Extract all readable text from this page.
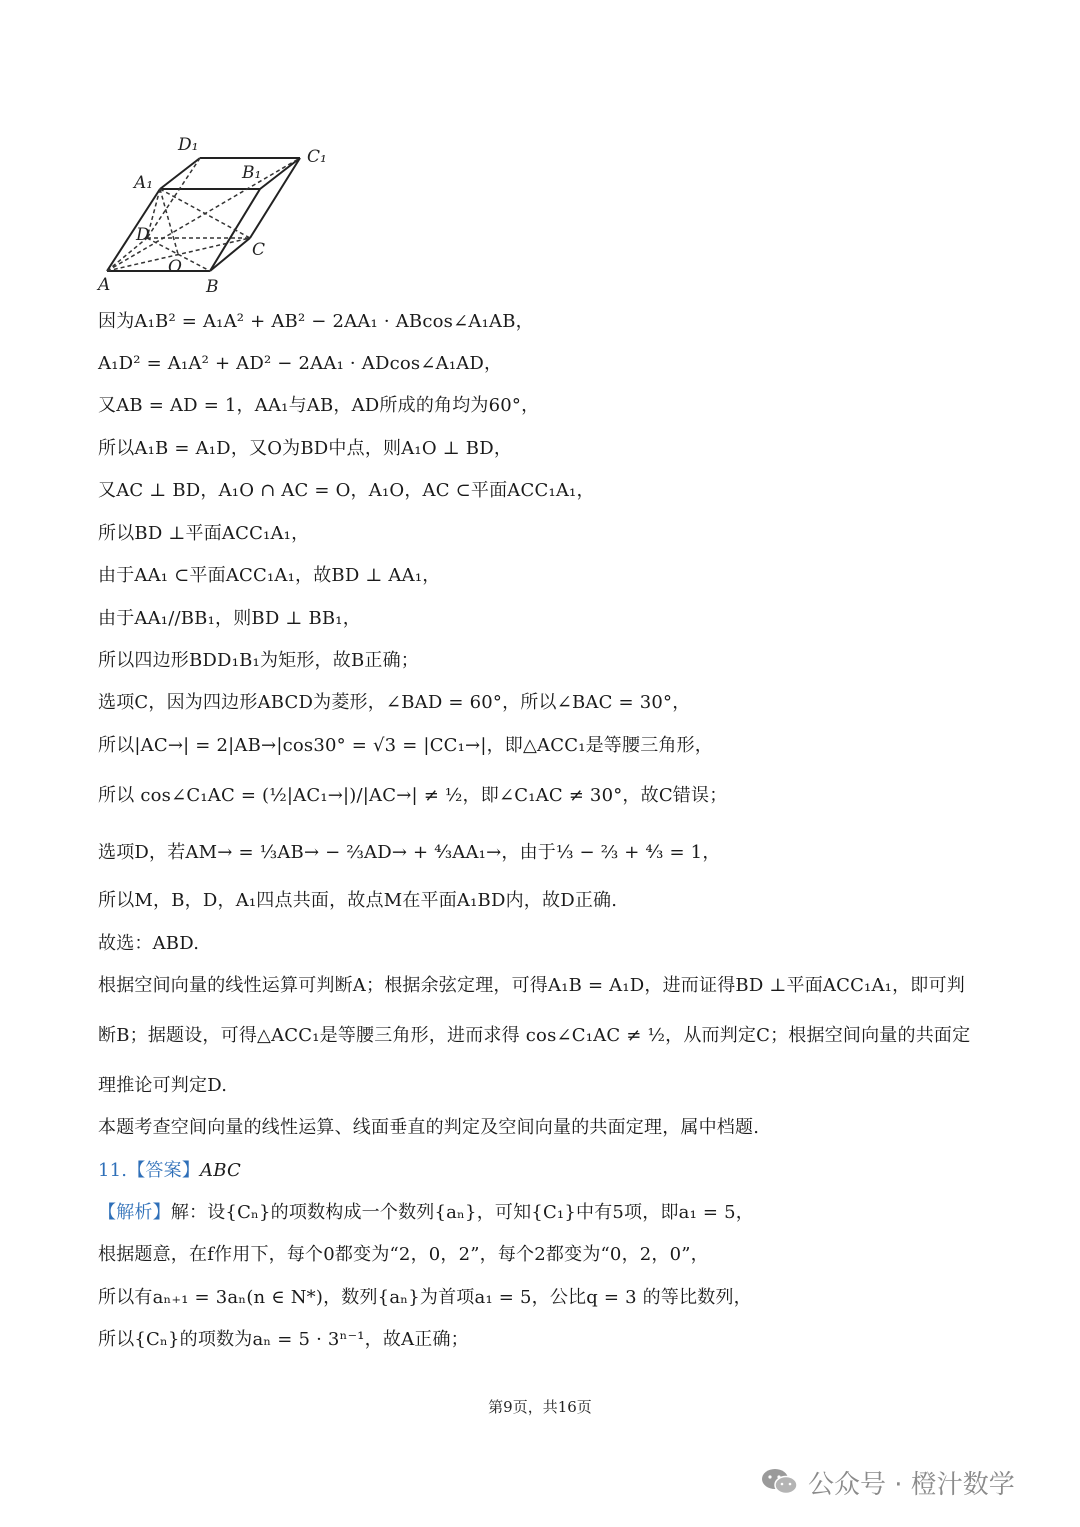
D₁
C₁
A₁	B₁
D
C
O
A	B
因为A₁B² = A₁A² + AB² − 2AA₁ · ABcos∠A₁AB，
A₁D² = A₁A² + AD² − 2AA₁ · ADcos∠A₁AD，
又AB = AD = 1，AA₁与AB，AD所成的角均为60°，
所以A₁B = A₁D，又O为BD中点，则A₁O ⊥ BD，
又AC ⊥ BD，A₁O ∩ AC = O，A₁O，AC ⊂平面ACC₁A₁，
所以BD ⊥平面ACC₁A₁，
由于AA₁ ⊂平面ACC₁A₁，故BD ⊥ AA₁，
由于AA₁//BB₁，则BD ⊥ BB₁，
所以四边形BDD₁B₁为矩形，故B正确；
选项C，因为四边形ABCD为菱形，∠BAD = 60°，所以∠BAC = 30°，
所以|AC→| = 2|AB→|cos30° = √3 = |CC₁→|，即△ACC₁是等腰三角形，
所以 cos∠C₁AC = (½|AC₁→|)/|AC→| ≠ ½，即∠C₁AC ≠ 30°，故C错误；
选项D，若AM→ = ⅓AB→ − ⅔AD→ + ⁴⁄₃AA₁→，由于⅓ − ⅔ + ⁴⁄₃ = 1，
所以M，B，D，A₁四点共面，故点M在平面A₁BD内，故D正确.
故选：ABD.
根据空间向量的线性运算可判断A；根据余弦定理，可得A₁B = A₁D，进而证得BD ⊥平面ACC₁A₁，即可判
断B；据题设，可得△ACC₁是等腰三角形，进而求得 cos∠C₁AC ≠ ½，从而判定C；根据空间向量的共面定
理推论可判定D.
本题考查空间向量的线性运算、线面垂直的判定及空间向量的共面定理，属中档题.
11.【答案】ABC
【解析】解：设{Cₙ}的项数构成一个数列{aₙ}，可知{C₁}中有5项，即a₁ = 5，
根据题意，在f作用下，每个0都变为“2，0，2”，每个2都变为“0，2，0”，
所以有aₙ₊₁ = 3aₙ(n ∈ N*)，数列{aₙ}为首项a₁ = 5，公比q = 3 的等比数列，
所以{Cₙ}的项数为aₙ = 5 · 3ⁿ⁻¹，故A正确；
第9页，共16页
公众号 · 橙汁数学
